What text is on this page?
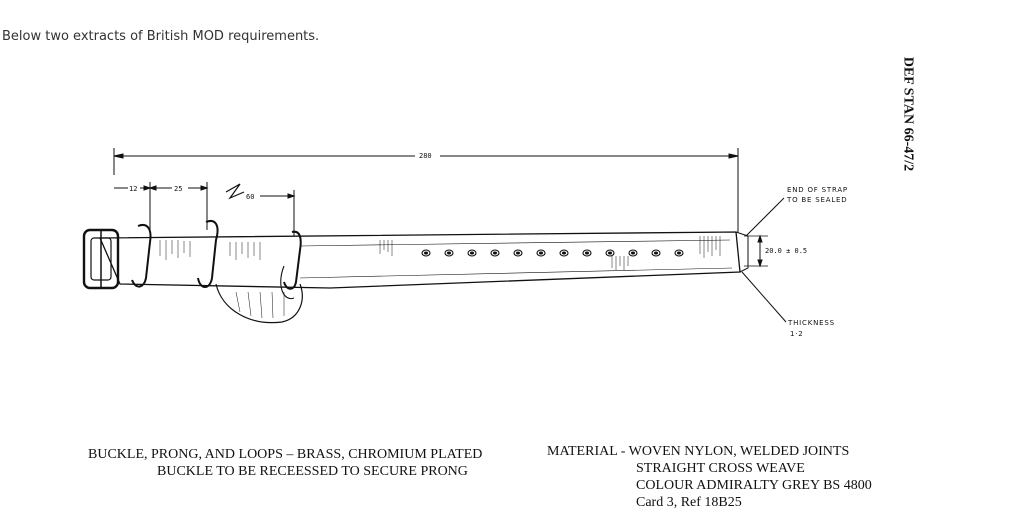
Below two extracts of British MOD requirements.
DEF STAN 66-47/2
280
12	25
60
20.0 ± 0.5
END OF STRAP
TO BE SEALED
THICKNESS
1·2
BUCKLE, PRONG, AND LOOPS – BRASS, CHROMIUM PLATED
BUCKLE TO BE RECEESSED TO SECURE PRONG
MATERIAL - WOVEN NYLON, WELDED JOINTS
STRAIGHT CROSS WEAVE
COLOUR ADMIRALTY GREY BS 4800
Card 3, Ref 18B25
